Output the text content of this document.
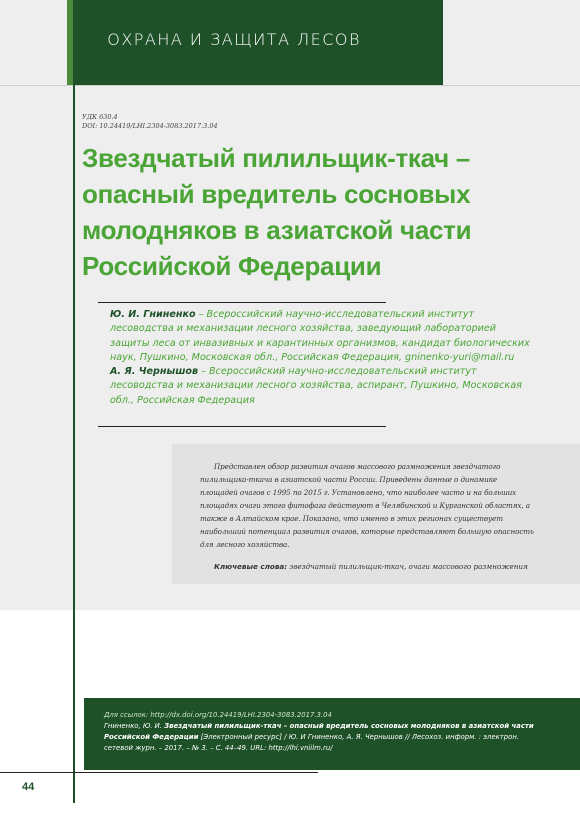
ОХРАНА И ЗАЩИТА ЛЕСОВ
УДК 630.4
DOI: 10.24419/LHI.2304-3083.2017.3.04
Звездчатый пилильщик-ткач –
опасный вредитель сосновых
молодняков в азиатской части
Российской Федерации
Ю. И. Гниненко – Всероссийский научно-исследовательский институт лесоводства и механизации лесного хозяйства, заведующий лабораторией защиты леса от инвазивных и карантинных организмов, кандидат биологических наук, Пушкино, Московская обл., Российская Федерация, gninenko-yuri@mail.ru
А. Я. Чернышов – Всероссийский научно-исследовательский институт лесоводства и механизации лесного хозяйства, аспирант, Пушкино, Московская обл., Российская Федерация
Представлен обзор развития очагов массового размножения звездчатого пилильщика-ткача в азиатской части России. Приведены данные о динамике площадей очагов с 1995 по 2015 г. Установлено, что наиболее часто и на больших площадях очаги этого фитофага действуют в Челябинской и Курганской областях, а также в Алтайском крае. Показано, что именно в этих регионах существует наибольший потенциал развития очагов, которые представляют большую опасность для лесного хозяйства.
Ключевые слова: звездчатый пилильщик-ткач, очаги массового размножения
Для ссылок: http://dx.doi.org/10.24419/LHI.2304-3083.2017.3.04
Гниненко, Ю. И. Звездчатый пилильщик-ткач – опасный вредитель сосновых молодняков в азиатской части Российской Федерации [Электронный ресурс] / Ю. И Гниненко, А. Я. Чернышов // Лесохоз. информ. : электрон. сетевой журн. – 2017. – № 3. – С. 44–49. URL: http://lhi.vniilm.ru/
44
